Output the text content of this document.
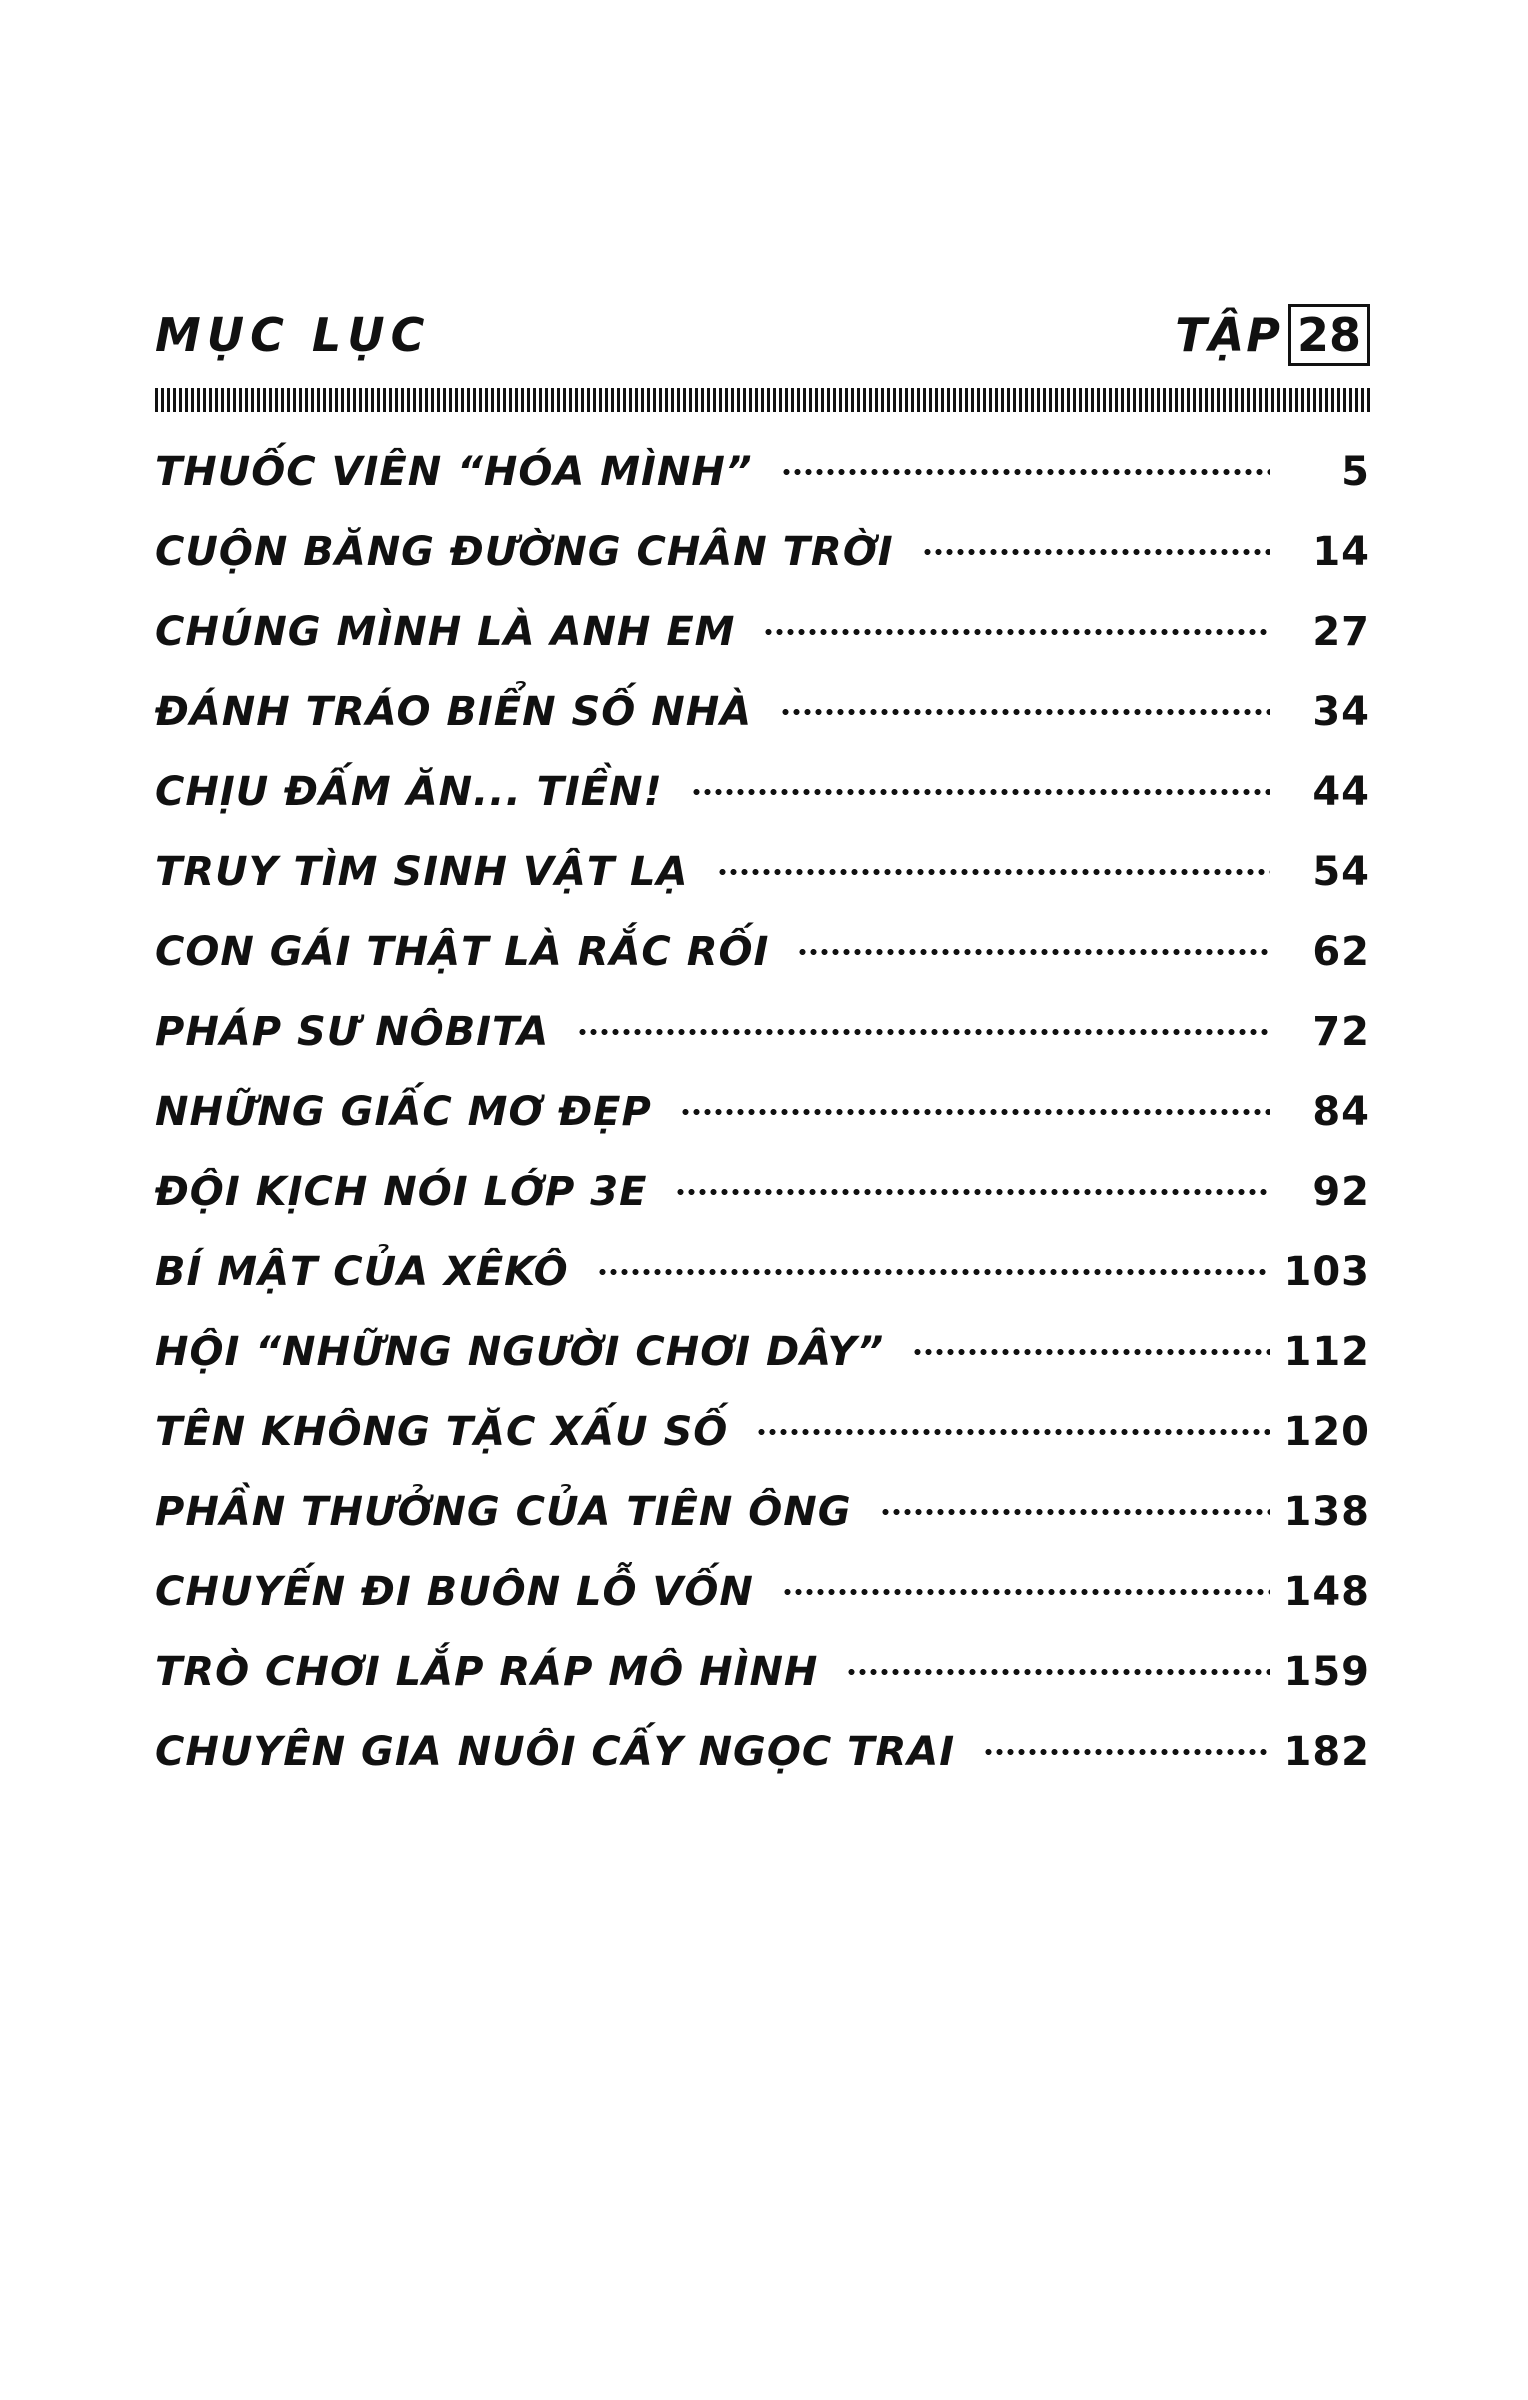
MỤC LỤC	TẬP 28
THUỐC VIÊN “HÓA MÌNH”	5
CUỘN BĂNG ĐƯỜNG CHÂN TRỜI	14
CHÚNG MÌNH LÀ ANH EM	27
ĐÁNH TRÁO BIỂN SỐ NHÀ	34
CHỊU ĐẤM ĂN... TIỀN!	44
TRUY TÌM SINH VẬT LẠ	54
CON GÁI THẬT LÀ RẮC RỐI	62
PHÁP SƯ NÔBITA	72
NHỮNG GIẤC MƠ ĐẸP	84
ĐỘI KỊCH NÓI LỚP 3E	92
BÍ MẬT CỦA XÊKÔ	103
HỘI “NHỮNG NGƯỜI CHƠI DÂY”	112
TÊN KHÔNG TẶC XẤU SỐ	120
PHẦN THƯỞNG CỦA TIÊN ÔNG	138
CHUYẾN ĐI BUÔN LỖ VỐN	148
TRÒ CHƠI LẮP RÁP MÔ HÌNH	159
CHUYÊN GIA NUÔI CẤY NGỌC TRAI	182
